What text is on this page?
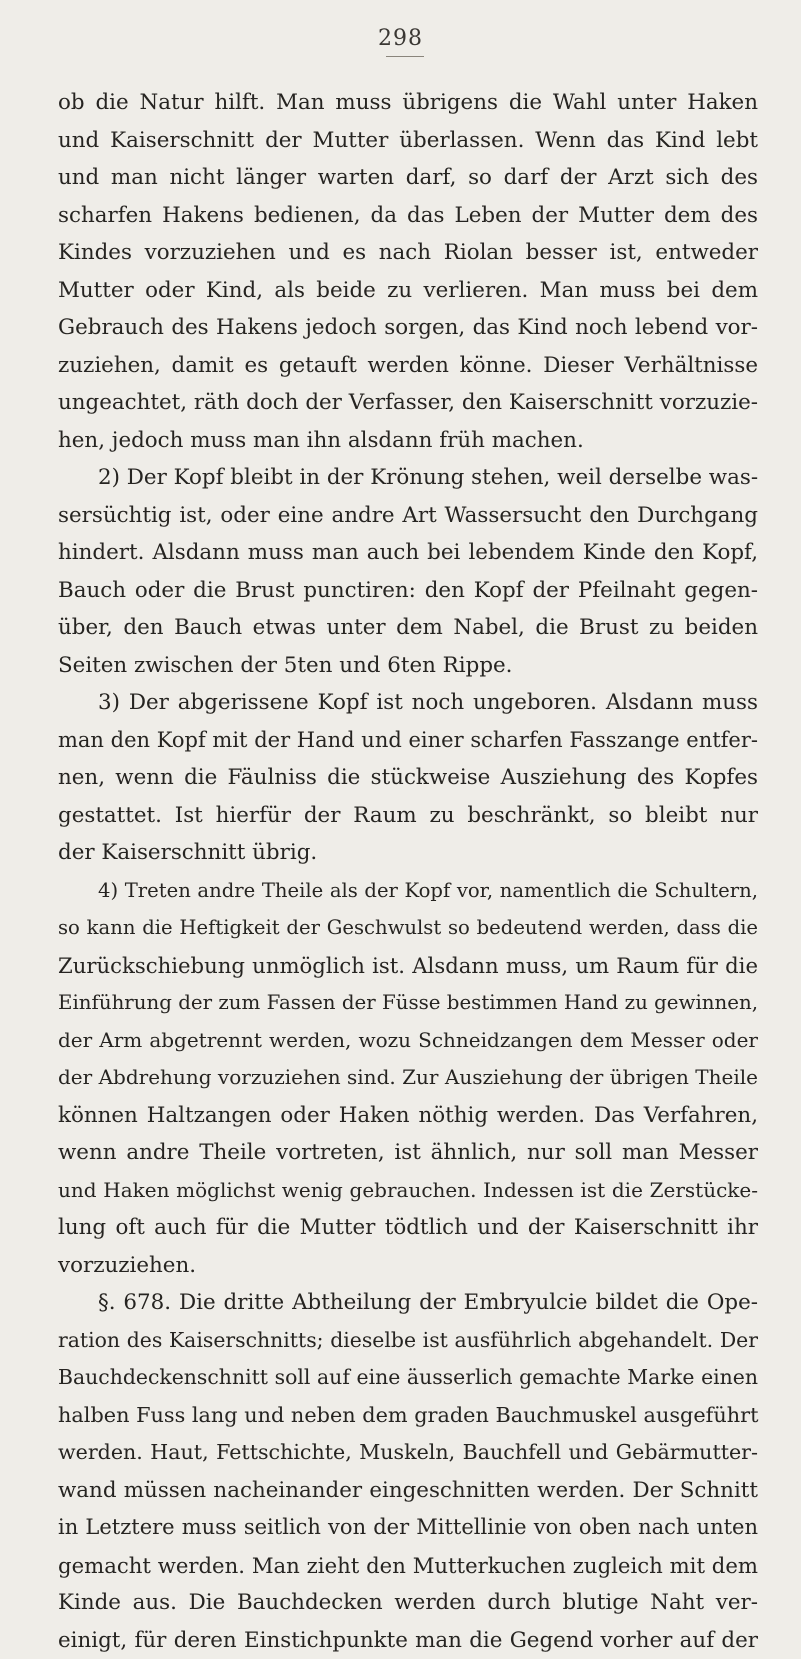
298
ob die Natur hilft. Man muss übrigens die Wahl unter Haken
und Kaiserschnitt der Mutter überlassen. Wenn das Kind lebt
und man nicht länger warten darf, so darf der Arzt sich des
scharfen Hakens bedienen, da das Leben der Mutter dem des
Kindes vorzuziehen und es nach Riolan besser ist, entweder
Mutter oder Kind, als beide zu verlieren. Man muss bei dem
Gebrauch des Hakens jedoch sorgen, das Kind noch lebend vor-
zuziehen, damit es getauft werden könne. Dieser Verhältnisse
ungeachtet, räth doch der Verfasser, den Kaiserschnitt vorzuzie-
hen, jedoch muss man ihn alsdann früh machen.
2) Der Kopf bleibt in der Krönung stehen, weil derselbe was-
sersüchtig ist, oder eine andre Art Wassersucht den Durchgang
hindert. Alsdann muss man auch bei lebendem Kinde den Kopf,
Bauch oder die Brust punctiren: den Kopf der Pfeilnaht gegen-
über, den Bauch etwas unter dem Nabel, die Brust zu beiden
Seiten zwischen der 5ten und 6ten Rippe.
3) Der abgerissene Kopf ist noch ungeboren. Alsdann muss
man den Kopf mit der Hand und einer scharfen Fasszange entfer-
nen, wenn die Fäulniss die stückweise Ausziehung des Kopfes
gestattet. Ist hierfür der Raum zu beschränkt, so bleibt nur
der Kaiserschnitt übrig.
4) Treten andre Theile als der Kopf vor, namentlich die Schultern,
so kann die Heftigkeit der Geschwulst so bedeutend werden, dass die
Zurückschiebung unmöglich ist. Alsdann muss, um Raum für die
Einführung der zum Fassen der Füsse bestimmen Hand zu gewinnen,
der Arm abgetrennt werden, wozu Schneidzangen dem Messer oder
der Abdrehung vorzuziehen sind. Zur Ausziehung der übrigen Theile
können Haltzangen oder Haken nöthig werden. Das Verfahren,
wenn andre Theile vortreten, ist ähnlich, nur soll man Messer
und Haken möglichst wenig gebrauchen. Indessen ist die Zerstücke-
lung oft auch für die Mutter tödtlich und der Kaiserschnitt ihr
vorzuziehen.
§. 678. Die dritte Abtheilung der Embryulcie bildet die Ope-
ration des Kaiserschnitts; dieselbe ist ausführlich abgehandelt. Der
Bauchdeckenschnitt soll auf eine äusserlich gemachte Marke einen
halben Fuss lang und neben dem graden Bauchmuskel ausgeführt
werden. Haut, Fettschichte, Muskeln, Bauchfell und Gebärmutter-
wand müssen nacheinander eingeschnitten werden. Der Schnitt
in Letztere muss seitlich von der Mittellinie von oben nach unten
gemacht werden. Man zieht den Mutterkuchen zugleich mit dem
Kinde aus. Die Bauchdecken werden durch blutige Naht ver-
einigt, für deren Einstichpunkte man die Gegend vorher auf der
